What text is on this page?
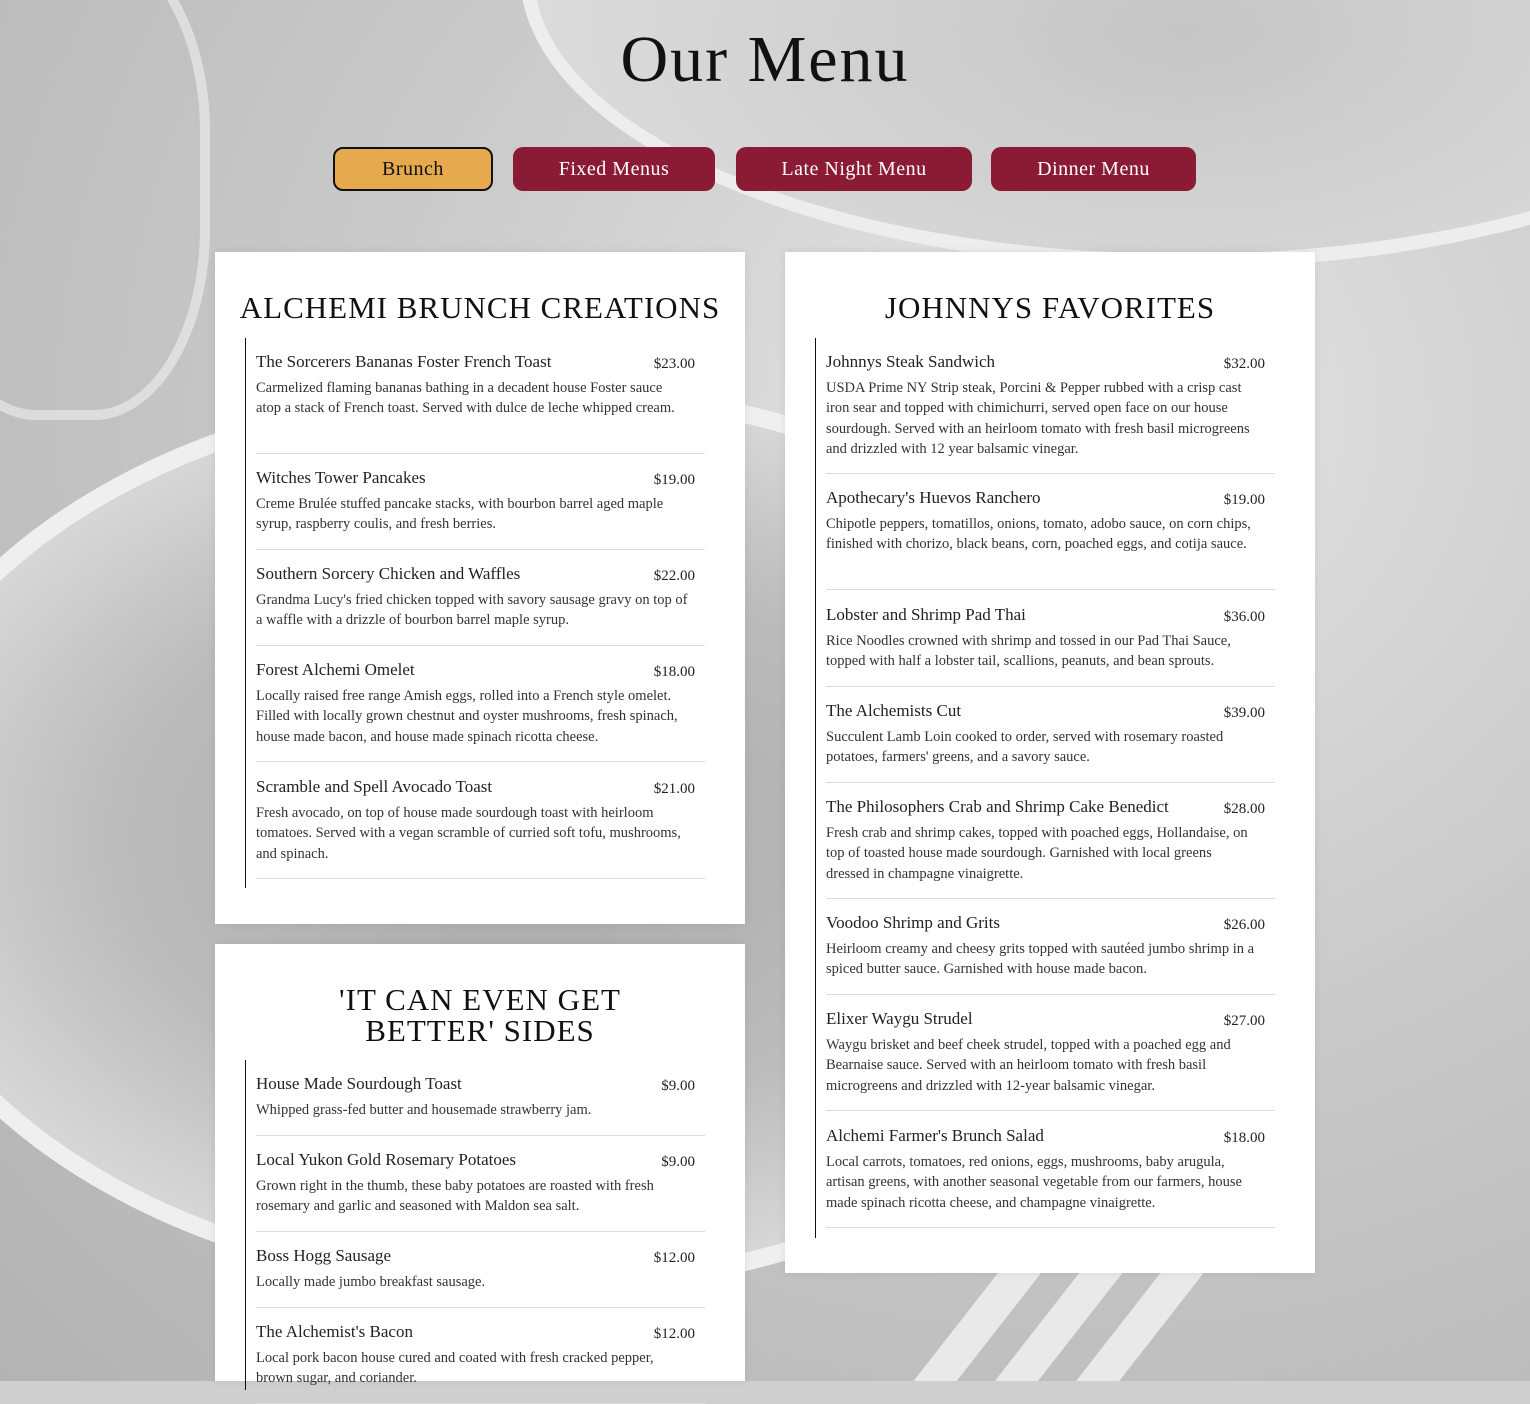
Our Menu
Brunch	Fixed Menus	Late Night Menu	Dinner Menu
ALCHEMI BRUNCH CREATIONS
The Sorcerers Bananas Foster French Toast	$23.00
Carmelized flaming bananas bathing in a decadent house Foster sauce atop a stack of French toast. Served with dulce de leche whipped cream.
Witches Tower Pancakes	$19.00
Creme Brulée stuffed pancake stacks, with bourbon barrel aged maple syrup, raspberry coulis, and fresh berries.
Southern Sorcery Chicken and Waffles	$22.00
Grandma Lucy's fried chicken topped with savory sausage gravy on top of a waffle with a drizzle of bourbon barrel maple syrup.
Forest Alchemi Omelet	$18.00
Locally raised free range Amish eggs, rolled into a French style omelet. Filled with locally grown chestnut and oyster mushrooms, fresh spinach, house made bacon, and house made spinach ricotta cheese.
Scramble and Spell Avocado Toast	$21.00
Fresh avocado, on top of house made sourdough toast with heirloom tomatoes. Served with a vegan scramble of curried soft tofu, mushrooms, and spinach.
'IT CAN EVEN GET BETTER' SIDES
House Made Sourdough Toast	$9.00
Whipped grass-fed butter and housemade strawberry jam.
Local Yukon Gold Rosemary Potatoes	$9.00
Grown right in the thumb, these baby potatoes are roasted with fresh rosemary and garlic and seasoned with Maldon sea salt.
Boss Hogg Sausage	$12.00
Locally made jumbo breakfast sausage.
The Alchemist's Bacon	$12.00
Local pork bacon house cured and coated with fresh cracked pepper, brown sugar, and coriander.
JOHNNYS FAVORITES
Johnnys Steak Sandwich	$32.00
USDA Prime NY Strip steak, Porcini & Pepper rubbed with a crisp cast iron sear and topped with chimichurri, served open face on our house sourdough. Served with an heirloom tomato with fresh basil microgreens and drizzled with 12 year balsamic vinegar.
Apothecary's Huevos Ranchero	$19.00
Chipotle peppers, tomatillos, onions, tomato, adobo sauce, on corn chips, finished with chorizo, black beans, corn, poached eggs, and cotija sauce.
Lobster and Shrimp Pad Thai	$36.00
Rice Noodles crowned with shrimp and tossed in our Pad Thai Sauce, topped with half a lobster tail, scallions, peanuts, and bean sprouts.
The Alchemists Cut	$39.00
Succulent Lamb Loin cooked to order, served with rosemary roasted potatoes, farmers' greens, and a savory sauce.
The Philosophers Crab and Shrimp Cake Benedict	$28.00
Fresh crab and shrimp cakes, topped with poached eggs, Hollandaise, on top of toasted house made sourdough. Garnished with local greens dressed in champagne vinaigrette.
Voodoo Shrimp and Grits	$26.00
Heirloom creamy and cheesy grits topped with sautéed jumbo shrimp in a spiced butter sauce. Garnished with house made bacon.
Elixer Waygu Strudel	$27.00
Waygu brisket and beef cheek strudel, topped with a poached egg and Bearnaise sauce. Served with an heirloom tomato with fresh basil microgreens and drizzled with 12-year balsamic vinegar.
Alchemi Farmer's Brunch Salad	$18.00
Local carrots, tomatoes, red onions, eggs, mushrooms, baby arugula, artisan greens, with another seasonal vegetable from our farmers, house made spinach ricotta cheese, and champagne vinaigrette.
